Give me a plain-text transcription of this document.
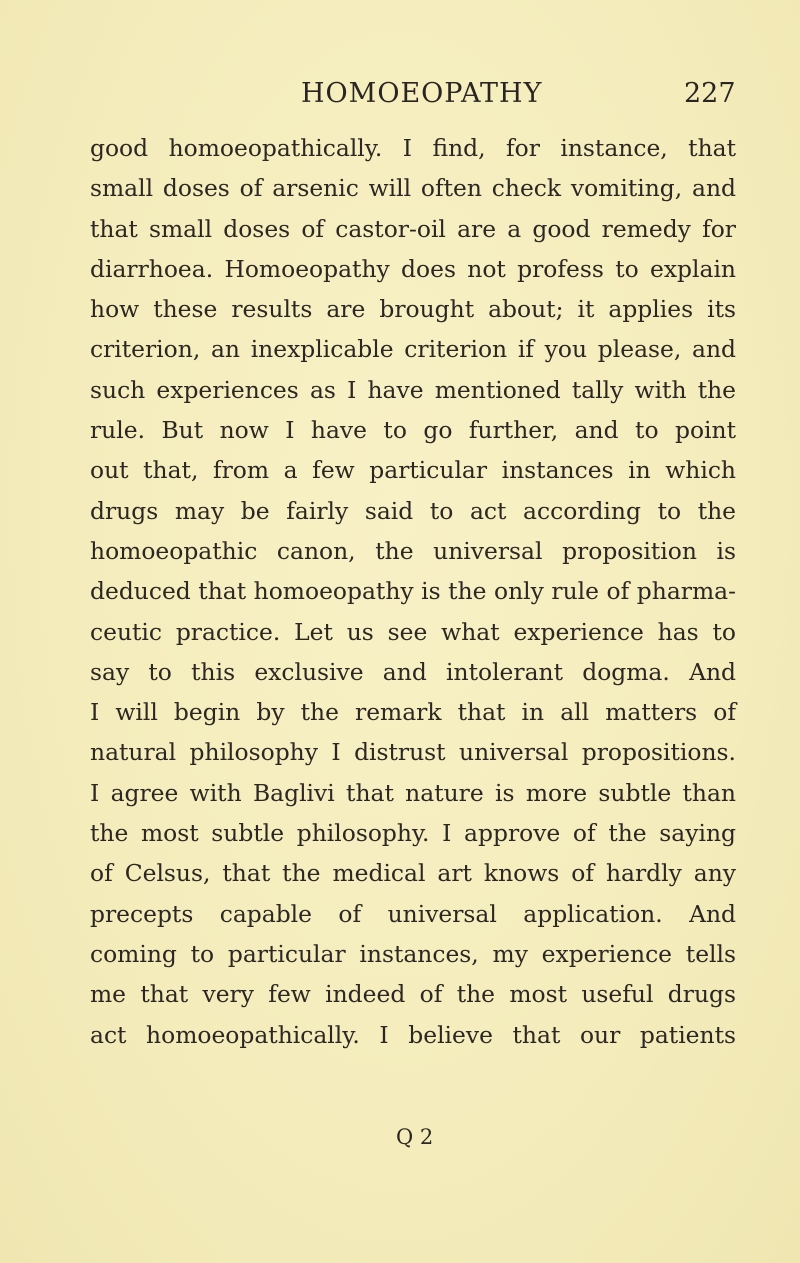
HOMOEOPATHY	227
good homoeopathically. I find, for instance, that
small doses of arsenic will often check vomiting, and
that small doses of castor-oil are a good remedy for
diarrhoea. Homoeopathy does not profess to explain
how these results are brought about; it applies its
criterion, an inexplicable criterion if you please, and
such experiences as I have mentioned tally with the
rule. But now I have to go further, and to point
out that, from a few particular instances in which
drugs may be fairly said to act according to the
homoeopathic canon, the universal proposition is
deduced that homoeopathy is the only rule of pharma-
ceutic practice. Let us see what experience has to
say to this exclusive and intolerant dogma. And
I will begin by the remark that in all matters of
natural philosophy I distrust universal propositions.
I agree with Baglivi that nature is more subtle than
the most subtle philosophy. I approve of the saying
of Celsus, that the medical art knows of hardly any
precepts capable of universal application. And
coming to particular instances, my experience tells
me that very few indeed of the most useful drugs
act homoeopathically. I believe that our patients
Q 2
